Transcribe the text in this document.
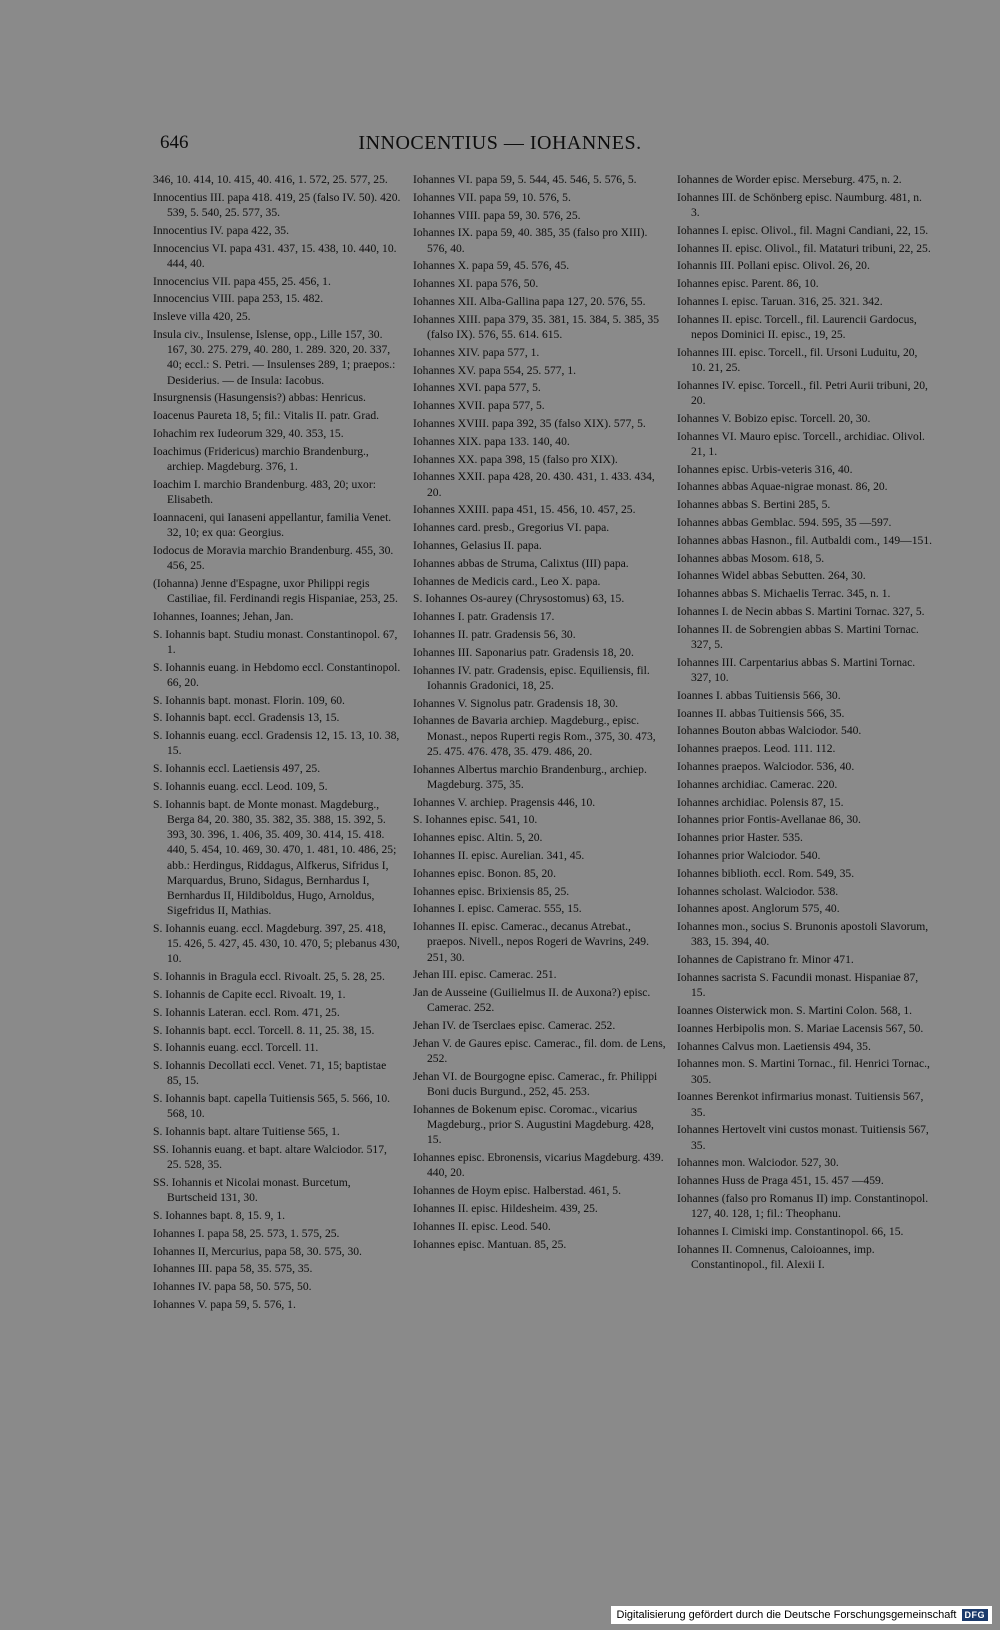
646	INNOCENTIUS — IOHANNES.
346, 10. 414, 10. 415, 40. 416, 1. 572, 25. 577, 25.
Innocentius III. papa 418. 419, 25 (falso IV. 50). 420. 539, 5. 540, 25. 577, 35.
Innocentius IV. papa 422, 35.
Innocencius VI. papa 431. 437, 15. 438, 10. 440, 10. 444, 40.
Innocencius VII. papa 455, 25. 456, 1.
Innocencius VIII. papa 253, 15. 482.
Insleve villa 420, 25.
Insula civ., Insulense, Islense, opp., Lille 157, 30. 167, 30. 275. 279, 40. 280, 1. 289. 320, 20. 337, 40; eccl.: S. Petri. — Insulenses 289, 1; praepos.: Desiderius. — de Insula: Iacobus.
Insurgnensis (Hasungensis?) abbas: Henricus.
Ioacenus Paureta 18, 5; fil.: Vitalis II. patr. Grad.
Iohachim rex Iudeorum 329, 40. 353, 15.
Ioachimus (Fridericus) marchio Brandenburg., archiep. Magdeburg. 376, 1.
Ioachim I. marchio Brandenburg. 483, 20; uxor: Elisabeth.
Ioannaceni, qui Ianaseni appellantur, familia Venet. 32, 10; ex qua: Georgius.
Iodocus de Moravia marchio Brandenburg. 455, 30. 456, 25.
(Iohanna) Jenne d'Espagne, uxor Philippi regis Castiliae, fil. Ferdinandi regis Hispaniae, 253, 25.
Iohannes, Ioannes; Jehan, Jan.
S. Iohannis bapt. Studiu monast. Constantinopol. 67, 1.
S. Iohannis euang. in Hebdomo eccl. Constantinopol. 66, 20.
S. Iohannis bapt. monast. Florin. 109, 60.
S. Iohannis bapt. eccl. Gradensis 13, 15.
S. Iohannis euang. eccl. Gradensis 12, 15. 13, 10. 38, 15.
S. Iohannis eccl. Laetiensis 497, 25.
S. Iohannis euang. eccl. Leod. 109, 5.
S. Iohannis bapt. de Monte monast. Magdeburg., Berga 84, 20. 380, 35. 382, 35. 388, 15. 392, 5. 393, 30. 396, 1. 406, 35. 409, 30. 414, 15. 418. 440, 5. 454, 10. 469, 30. 470, 1. 481, 10. 486, 25; abb.: Herdingus, Riddagus, Alfkerus, Sifridus I, Marquardus, Bruno, Sidagus, Bernhardus I, Bernhardus II, Hildiboldus, Hugo, Arnoldus, Sigefridus II, Mathias.
S. Iohannis euang. eccl. Magdeburg. 397, 25. 418, 15. 426, 5. 427, 45. 430, 10. 470, 5; plebanus 430, 10.
S. Iohannis in Bragula eccl. Rivoalt. 25, 5. 28, 25.
S. Iohannis de Capite eccl. Rivoalt. 19, 1.
S. Iohannis Lateran. eccl. Rom. 471, 25.
S. Iohannis bapt. eccl. Torcell. 8. 11, 25. 38, 15.
S. Iohannis euang. eccl. Torcell. 11.
S. Iohannis Decollati eccl. Venet. 71, 15; baptistae 85, 15.
S. Iohannis bapt. capella Tuitiensis 565, 5. 566, 10. 568, 10.
S. Iohannis bapt. altare Tuitiense 565, 1.
SS. Iohannis euang. et bapt. altare Walciodor. 517, 25. 528, 35.
SS. Iohannis et Nicolai monast. Burcetum, Burtscheid 131, 30.
S. Iohannes bapt. 8, 15. 9, 1.
Iohannes I. papa 58, 25. 573, 1. 575, 25.
Iohannes II, Mercurius, papa 58, 30. 575, 30.
Iohannes III. papa 58, 35. 575, 35.
Iohannes IV. papa 58, 50. 575, 50.
Iohannes V. papa 59, 5. 576, 1.
Iohannes VI. papa 59, 5. 544, 45. 546, 5. 576, 5.
Iohannes VII. papa 59, 10. 576, 5.
Iohannes VIII. papa 59, 30. 576, 25.
Iohannes IX. papa 59, 40. 385, 35 (falso pro XIII). 576, 40.
Iohannes X. papa 59, 45. 576, 45.
Iohannes XI. papa 576, 50.
Iohannes XII. Alba-Gallina papa 127, 20. 576, 55.
Iohannes XIII. papa 379, 35. 381, 15. 384, 5. 385, 35 (falso IX). 576, 55. 614. 615.
Iohannes XIV. papa 577, 1.
Iohannes XV. papa 554, 25. 577, 1.
Iohannes XVI. papa 577, 5.
Iohannes XVII. papa 577, 5.
Iohannes XVIII. papa 392, 35 (falso XIX). 577, 5.
Iohannes XIX. papa 133. 140, 40.
Iohannes XX. papa 398, 15 (falso pro XIX).
Iohannes XXII. papa 428, 20. 430. 431, 1. 433. 434, 20.
Iohannes XXIII. papa 451, 15. 456, 10. 457, 25.
Iohannes card. presb., Gregorius VI. papa.
Iohannes, Gelasius II. papa.
Iohannes abbas de Struma, Calixtus (III) papa.
Iohannes de Medicis card., Leo X. papa.
S. Iohannes Os-aurey (Chrysostomus) 63, 15.
Iohannes I. patr. Gradensis 17.
Iohannes II. patr. Gradensis 56, 30.
Iohannes III. Saponarius patr. Gradensis 18, 20.
Iohannes IV. patr. Gradensis, episc. Equiliensis, fil. Iohannis Gradonici, 18, 25.
Iohannes V. Signolus patr. Gradensis 18, 30.
Iohannes de Bavaria archiep. Magdeburg., episc. Monast., nepos Ruperti regis Rom., 375, 30. 473, 25. 475. 476. 478, 35. 479. 486, 20.
Iohannes Albertus marchio Brandenburg., archiep. Magdeburg. 375, 35.
Iohannes V. archiep. Pragensis 446, 10.
S. Iohannes episc. 541, 10.
Iohannes episc. Altin. 5, 20.
Iohannes II. episc. Aurelian. 341, 45.
Iohannes episc. Bonon. 85, 20.
Iohannes episc. Brixiensis 85, 25.
Iohannes I. episc. Camerac. 555, 15.
Iohannes II. episc. Camerac., decanus Atrebat., praepos. Nivell., nepos Rogeri de Wavrins, 249. 251, 30.
Jehan III. episc. Camerac. 251.
Jan de Ausseine (Guilielmus II. de Auxona?) episc. Camerac. 252.
Jehan IV. de Tserclaes episc. Camerac. 252.
Jehan V. de Gaures episc. Camerac., fil. dom. de Lens, 252.
Jehan VI. de Bourgogne episc. Camerac., fr. Philippi Boni ducis Burgund., 252, 45. 253.
Iohannes de Bokenum episc. Coromac., vicarius Magdeburg., prior S. Augustini Magdeburg. 428, 15.
Iohannes episc. Ebronensis, vicarius Magdeburg. 439. 440, 20.
Iohannes de Hoym episc. Halberstad. 461, 5.
Iohannes II. episc. Hildesheim. 439, 25.
Iohannes II. episc. Leod. 540.
Iohannes episc. Mantuan. 85, 25.
Iohannes de Worder episc. Merseburg. 475, n. 2.
Iohannes III. de Schönberg episc. Naumburg. 481, n. 3.
Iohannes I. episc. Olivol., fil. Magni Candiani, 22, 15.
Iohannes II. episc. Olivol., fil. Mataturi tribuni, 22, 25.
Iohannis III. Pollani episc. Olivol. 26, 20.
Iohannes episc. Parent. 86, 10.
Iohannes I. episc. Taruan. 316, 25. 321. 342.
Iohannes II. episc. Torcell., fil. Laurencii Gardocus, nepos Dominici II. episc., 19, 25.
Iohannes III. episc. Torcell., fil. Ursoni Luduitu, 20, 10. 21, 25.
Iohannes IV. episc. Torcell., fil. Petri Aurii tribuni, 20, 20.
Iohannes V. Bobizo episc. Torcell. 20, 30.
Iohannes VI. Mauro episc. Torcell., archidiac. Olivol. 21, 1.
Iohannes episc. Urbis-veteris 316, 40.
Iohannes abbas Aquae-nigrae monast. 86, 20.
Iohannes abbas S. Bertini 285, 5.
Iohannes abbas Gemblac. 594. 595, 35 —597.
Iohannes abbas Hasnon., fil. Autbaldi com., 149—151.
Iohannes abbas Mosom. 618, 5.
Iohannes Widel abbas Sebutten. 264, 30.
Iohannes abbas S. Michaelis Terrac. 345, n. 1.
Iohannes I. de Necin abbas S. Martini Tornac. 327, 5.
Iohannes II. de Sobrengien abbas S. Martini Tornac. 327, 5.
Iohannes III. Carpentarius abbas S. Martini Tornac. 327, 10.
Ioannes I. abbas Tuitiensis 566, 30.
Ioannes II. abbas Tuitiensis 566, 35.
Iohannes Bouton abbas Walciodor. 540.
Iohannes praepos. Leod. 111. 112.
Iohannes praepos. Walciodor. 536, 40.
Iohannes archidiac. Camerac. 220.
Iohannes archidiac. Polensis 87, 15.
Iohannes prior Fontis-Avellanae 86, 30.
Iohannes prior Haster. 535.
Iohannes prior Walciodor. 540.
Iohannes biblioth. eccl. Rom. 549, 35.
Iohannes scholast. Walciodor. 538.
Iohannes apost. Anglorum 575, 40.
Iohannes mon., socius S. Brunonis apostoli Slavorum, 383, 15. 394, 40.
Iohannes de Capistrano fr. Minor 471.
Iohannes sacrista S. Facundii monast. Hispaniae 87, 15.
Ioannes Oisterwick mon. S. Martini Colon. 568, 1.
Ioannes Herbipolis mon. S. Mariae Lacensis 567, 50.
Iohannes Calvus mon. Laetiensis 494, 35.
Iohannes mon. S. Martini Tornac., fil. Henrici Tornac., 305.
Ioannes Berenkot infirmarius monast. Tuitiensis 567, 35.
Iohannes Hertovelt vini custos monast. Tuitiensis 567, 35.
Iohannes mon. Walciodor. 527, 30.
Iohannes Huss de Praga 451, 15. 457 —459.
Iohannes (falso pro Romanus II) imp. Constantinopol. 127, 40. 128, 1; fil.: Theophanu.
Iohannes I. Cimiski imp. Constantinopol. 66, 15.
Iohannes II. Comnenus, Caloioannes, imp. Constantinopol., fil. Alexii I.
Digitalisierung gefördert durch die Deutsche Forschungsgemeinschaft DFG
